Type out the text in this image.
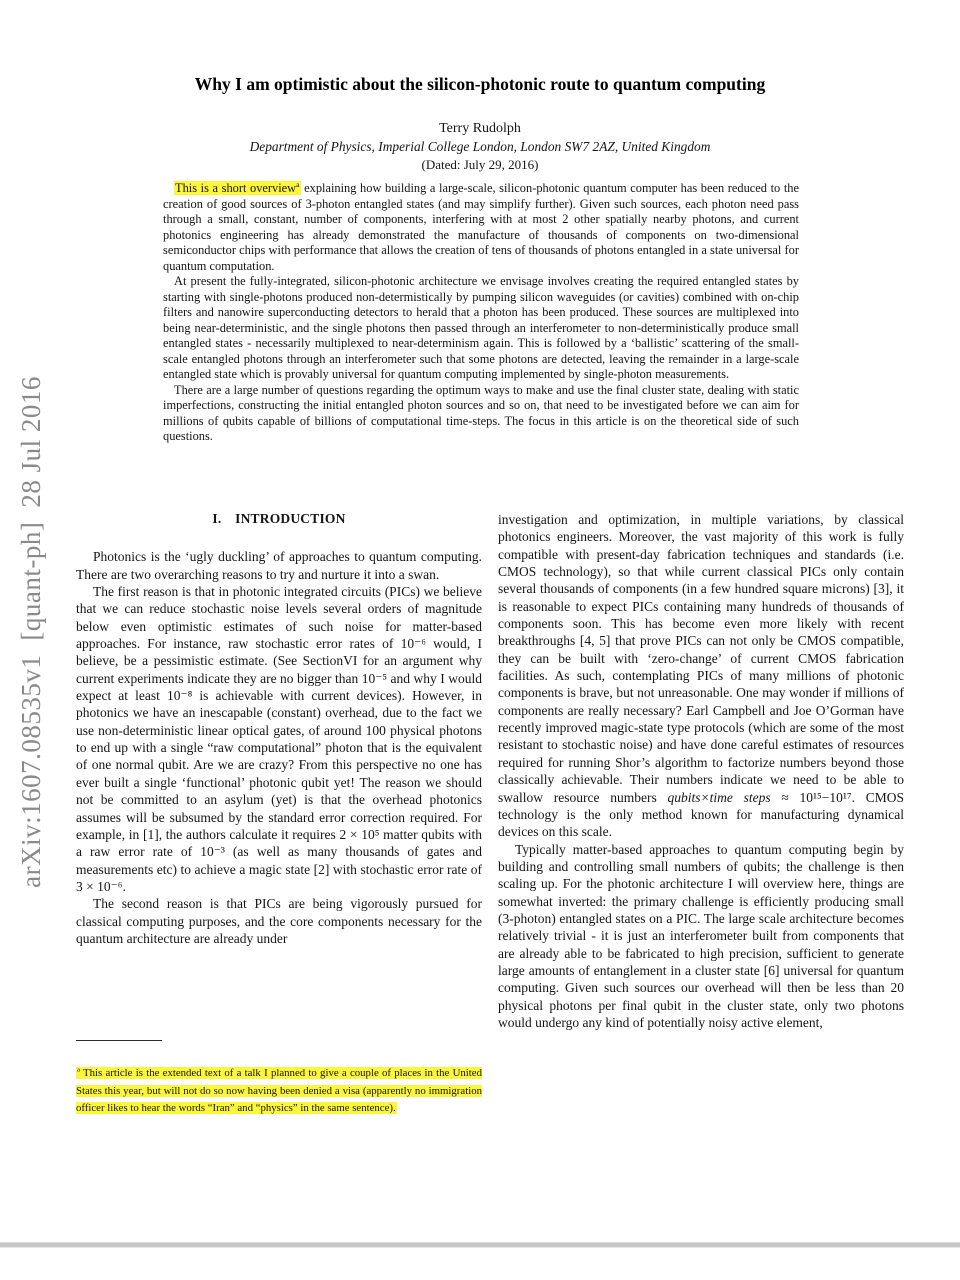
arXiv:1607.08535v1 [quant-ph] 28 Jul 2016
Why I am optimistic about the silicon-photonic route to quantum computing
Terry Rudolph
Department of Physics, Imperial College London, London SW7 2AZ, United Kingdom
(Dated: July 29, 2016)

This is a short overview$^a$ explaining how building a large-scale, silicon-photonic quantum computer has been reduced to the creation of good sources of 3-photon entangled states (and may simplify further). Given such sources, each photon need pass through a small, constant, number of components, interfering with at most 2 other spatially nearby photons, and current photonics engineering has already demonstrated the manufacture of thousands of components on two-dimensional semiconductor chips with performance that allows the creation of tens of thousands of photons entangled in a state universal for quantum computation.

At present the fully-integrated, silicon-photonic architecture we envisage involves creating the required entangled states by starting with single-photons produced non-determistically by pumping silicon waveguides (or cavities) combined with on-chip filters and nanowire superconducting detectors to herald that a photon has been produced. These sources are multiplexed into being near-deterministic, and the single photons then passed through an interferometer to non-deterministically produce small entangled states - necessarily multiplexed to near-determinism again. This is followed by a ‘ballistic’ scattering of the small-scale entangled photons through an interferometer such that some photons are detected, leaving the remainder in a large-scale entangled state which is provably universal for quantum computing implemented by single-photon measurements.

There are a large number of questions regarding the optimum ways to make and use the final cluster state, dealing with static imperfections, constructing the initial entangled photon sources and so on, that need to be investigated before we can aim for millions of qubits capable of billions of computational time-steps. The focus in this article is on the theoretical side of such questions.

I. INTRODUCTION

Photonics is the ‘ugly duckling’ of approaches to quantum computing. There are two overarching reasons to try and nurture it into a swan.

The first reason is that in photonic integrated circuits (PICs) we believe that we can reduce stochastic noise levels several orders of magnitude below even optimistic estimates of such noise for matter-based approaches. For instance, raw stochastic error rates of 10⁻⁶ would, I believe, be a pessimistic estimate. (See SectionVI for an argument why current experiments indicate they are no bigger than 10⁻⁵ and why I would expect at least 10⁻⁸ is achievable with current devices). However, in photonics we have an inescapable (constant) overhead, due to the fact we use non-deterministic linear optical gates, of around 100 physical photons to end up with a single “raw computational” photon that is the equivalent of one normal qubit. Are we are crazy? From this perspective no one has ever built a single ‘functional’ photonic qubit yet! The reason we should not be committed to an asylum (yet) is that the overhead photonics assumes will be subsumed by the standard error correction required. For example, in [1], the authors calculate it requires 2 × 10⁵ matter qubits with a raw error rate of 10⁻³ (as well as many thousands of gates and measurements etc) to achieve a magic state [2] with stochastic error rate of 3 × 10⁻⁶.

The second reason is that PICs are being vigorously pursued for classical computing purposes, and the core components necessary for the quantum architecture are already under

investigation and optimization, in multiple variations, by classical photonics engineers. Moreover, the vast majority of this work is fully compatible with present-day fabrication techniques and standards (i.e. CMOS technology), so that while current classical PICs only contain several thousands of components (in a few hundred square microns) [3], it is reasonable to expect PICs containing many hundreds of thousands of components soon. This has become even more likely with recent breakthroughs [4, 5] that prove PICs can not only be CMOS compatible, they can be built with ‘zero-change’ of current CMOS fabrication facilities. As such, contemplating PICs of many millions of photonic components is brave, but not unreasonable. One may wonder if millions of components are really necessary? Earl Campbell and Joe O’Gorman have recently improved magic-state type protocols (which are some of the most resistant to stochastic noise) and have done careful estimates of resources required for running Shor’s algorithm to factorize numbers beyond those classically achievable. Their numbers indicate we need to be able to swallow resource numbers qubits×time steps ≈ 10¹⁵−10¹⁷. CMOS technology is the only method known for manufacturing dynamical devices on this scale.

Typically matter-based approaches to quantum computing begin by building and controlling small numbers of qubits; the challenge is then scaling up. For the photonic architecture I will overview here, things are somewhat inverted: the primary challenge is efficiently producing small (3-photon) entangled states on a PIC. The large scale architecture becomes relatively trivial - it is just an interferometer built from components that are already able to be fabricated to high precision, sufficient to generate large amounts of entanglement in a cluster state [6] universal for quantum computing. Given such sources our overhead will then be less than 20 physical photons per final qubit in the cluster state, only two photons would undergo any kind of potentially noisy active element,

$^a$ This article is the extended text of a talk I planned to give a couple of places in the United States this year, but will not do so now having been denied a visa (apparently no immigration officer likes to hear the words “Iran” and “physics” in the same sentence).
